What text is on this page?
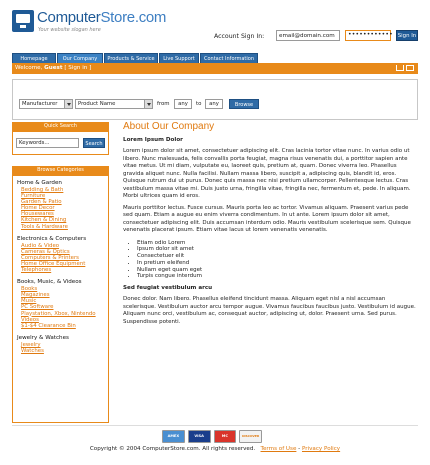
ComputerStore.com
Your website slogan here
Account Sign In:	email@domain.com	•••••••••••• Sign In
Homepage	Our Company	Products & Service	Live Support	Contact Information
Welcome, Guest [ Sign in ]
Manufacturer	Product Name	from	any	to	any	Browse
Quick Search
Keywords...	Search
Browse Categories
Home & Garden
Bedding & Bath
Furniture
Garden & Patio
Home Decor
Housewares
Kitchen & Dining
Tools & Hardware
Electronics & Computers
Audio & Video
Cameras & Optics
Computers & Printers
Home Office Equipment
Telephones
Books, Music, & Videos
Books
Magazines
Music
PC Software
Playstation, Xbox, Nintendo
Videos
$1-$4 Clearance Bin
Jewelry & Watches
Jewelry
Watches
About Our Company
Lorem Ipsum Dolor
Lorem ipsum dolor sit amet, consectetuer adipiscing elit. Cras lacinia tortor vitae nunc. In varius odio ut libero. Nunc malesuada, felis convallis porta feugiat, magna risus venenatis dui, a porttitor sapien ante vitae metus. Ut mi diam, vulputate eu, laoreet quis, pretium at, quam. Donec viverra leo. Phasellus gravida aliquet nunc. Nulla facilisi. Nullam massa libero, suscipit a, adipiscing quis, blandit id, eros. Quisque rutrum dui ut purus. Donec quis massa nec nisi pretium ullamcorper. Pellentesque lectus. Cras vestibulum massa vitae mi. Duis justo urna, fringilla vitae, fringilla nec, fermentum et, pede. In aliquam. Morbi ultrices quam id eros.
Mauris porttitor lectus. Fusce cursus. Mauris porta leo ac tortor. Vivamus aliquam. Praesent varius pede sed quam. Etiam a augue eu enim viverra condimentum. In ut ante. Lorem ipsum dolor sit amet, consectetuer adipiscing elit. Duis accumsan interdum odio. Mauris vestibulum scelerisque sem. Quisque venenatis placerat ipsum. Etiam vitae lacus ut lorem venenatis venenatis.
• Etiam odio Lorem
• Ipsum dolor sit amet
• Consectetuer elit
• In pretium eleifend
• Nullam eget quam eget
• Turpis congue interdum
Sed feugiat vestibulum arcu
Donec dolor. Nam libero. Phasellus eleifend tincidunt massa. Aliquam eget nisl a nisl accumsan scelerisque. Vestibulum auctor arcu tempor augue. Vivamus faucibus faucibus justo. Vestibulum id augue. Aliquam nunc orci, vestibulum ac, consequat auctor, adipiscing ut, dolor. Praesent urna. Sed purus. Suspendisse potenti.
AMEX	VISA	MC	DISCOVER
Copyright © 2004 ComputerStore.com. All rights reserved. Terms of Use - Privacy Policy
